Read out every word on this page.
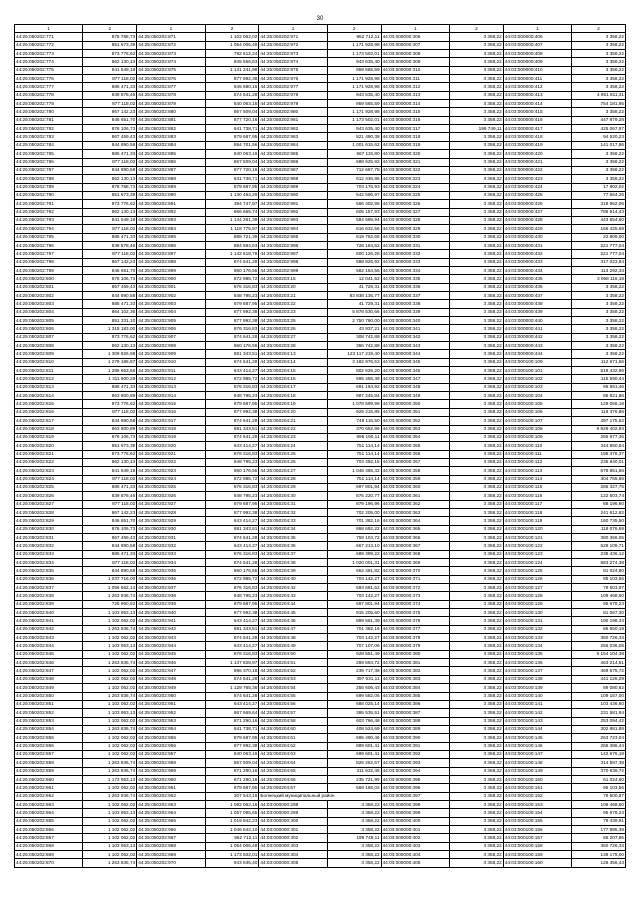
30
1	2	1	2	1	2	1	2	1	2
44:25:050202:771	875 788,73	44:25:050202:871	1 102 062,02	44:25:050202:971	962 712,11	44:03:000000:306	3 358,22	44:03:000000:406	3 358,22
44:25:050202:772	851 673,39	44:25:050202:872	1 054 006,48	44:25:050202:972	1 171 928,98	44:03:000000:307	3 358,22	44:03:000000:407	3 358,22
44:25:050202:773	873 776,62	44:25:050202:873	792 612,24	44:25:050202:973	1 173 502,01	44:03:000000:308	3 358,22	44:03:000000:408	3 358,22
44:25:050202:774	862 130,13	44:25:050202:874	845 556,63	44:25:050202:974	943 635,40	44:03:000000:309	3 358,22	44:03:000000:409	3 358,22
44:25:050202:775	841 549,18	44:25:050202:875	1 131 241,98	44:25:050202:975	959 565,59	44:03:000000:310	3 358,22	44:03:000000:410	3 358,22
44:25:050202:776	877 118,02	44:25:050202:876	877 992,38	44:25:050202:976	1 171 928,98	44:03:000000:311	3 358,22	44:03:000000:411	3 358,22
44:25:050202:777	885 471,33	44:25:050202:877	845 680,16	44:25:050202:977	1 171 928,98	44:03:000000:312	3 358,22	44:03:000000:412	3 358,22
44:25:050202:778	839 878,46	44:25:050202:878	874 641,28	44:25:050202:978	943 635,40	44:03:000000:313	3 358,22	44:03:000000:413	4 861 811,31
44:25:050202:779	877 118,02	44:25:050202:879	840 063,16	44:25:050202:979	959 565,59	44:03:000000:314	3 358,22	44:03:000000:414	754 181,95
44:25:050202:780	867 142,23	44:25:050202:880	867 509,04	44:25:050202:980	1 171 928,98	44:03:000000:315	3 358,22	44:03:000000:415	3 358,22
44:25:050202:781	846 651,70	44:25:050202:881	877 720,16	44:25:050202:981	1 173 502,01	44:03:000000:316	3 358,22	44:03:000000:416	447 879,28
44:25:050202:782	876 106,73	44:25:050202:882	641 738,71	44:25:050202:982	943 635,40	44:03:000000:317	199 749,11	44:03:000000:417	425 067,97
44:25:050202:783	867 459,43	44:25:050202:883	879 687,95	44:25:050202:983	821 490,38	44:03:000000:318	3 358,22	44:03:000000:418	94 520,23
44:25:050202:784	844 890,58	44:25:050202:884	884 701,56	44:25:050202:984	1 001 615,62	44:03:000000:319	3 358,22	44:03:000000:419	141 017,86
44:25:050202:785	885 471,33	44:25:050202:885	840 063,16	44:25:050202:985	667 115,80	44:03:000000:320	3 358,22	44:03:000000:420	3 358,22
44:25:050202:786	877 118,02	44:25:050202:886	867 509,04	44:25:050202:986	688 625,92	44:03:000000:321	3 358,22	44:03:000000:421	3 358,22
44:25:050202:787	844 890,58	44:25:050202:887	877 720,16	44:25:050202:987	712 667,78	44:03:000000:322	3 358,22	44:03:000000:422	3 358,22
44:25:050202:788	862 130,13	44:25:050202:888	641 738,71	44:25:050202:988	612 436,85	44:03:000000:323	3 358,22	44:03:000000:423	3 358,22
44:25:050202:789	878 788,73	44:25:050202:889	879 687,95	44:25:050202:989	703 176,93	44:03:000000:324	3 358,22	44:03:000000:424	17 802,02
44:25:050202:790	851 673,39	44:25:050202:890	1 130 464,29	44:25:050202:990	542 596,97	44:03:000000:325	3 358,22	44:03:000000:425	77 664,26
44:25:050202:791	873 776,62	44:25:050202:891	394 747,97	44:25:050202:991	566 402,95	44:03:000000:326	3 358,22	44:03:000000:426	318 952,06
44:25:050202:792	862 130,13	44:25:050202:892	866 665,74	44:25:050202:992	605 157,93	44:03:000000:327	3 358,22	44:03:000000:427	786 914,43
44:25:050202:793	841 549,18	44:25:050202:893	1 144 261,39	44:25:050202:993	584 595,94	44:03:000000:328	3 358,22	44:03:000000:428	443 554,60
44:25:050202:794	877 118,02	44:25:050202:894	1 118 775,97	44:25:050202:994	616 632,56	44:03:000000:329	3 358,22	44:03:000000:429	166 425,69
44:25:050202:795	885 471,33	44:25:050202:895	889 721,39	44:25:050202:995	619 762,65	44:03:000000:330	3 358,22	44:03:000000:430	22 809,00
44:25:050202:796	839 878,46	44:25:050202:896	884 694,63	44:25:050202:996	728 184,52	44:03:000000:331	3 358,22	44:03:000000:431	221 777,04
44:25:050202:797	877 118,02	44:25:050202:897	1 142 618,78	44:25:050202:997	600 126,28	44:03:000000:332	3 358,22	44:03:000000:432	221 777,04
44:25:050202:798	867 142,23	44:25:050202:898	874 641,28	44:25:050202:998	588 826,92	44:03:000000:333	3 358,22	44:03:000000:433	317 023,94
44:25:050202:799	846 651,70	44:25:050202:899	860 176,55	44:25:050202:999	582 164,56	44:03:000000:334	3 358,22	44:03:000000:434	113 292,34
44:25:050202:800	876 106,73	44:25:050202:900	872 985,72	44:25:050203:15	12 041,52	44:03:000000:335	3 358,22	44:03:000000:435	3 068 116,18
44:25:050202:801	867 459,43	44:25:050202:901	876 316,83	44:25:050203:20	41 729,31	44:03:000000:336	3 358,22	44:03:000000:436	3 358,22
44:25:050202:802	844 890,58	44:25:050202:902	848 795,23	44:25:050203:21	83 838 136,77	44:03:000000:337	3 358,22	44:03:000000:437	3 358,22
44:25:050202:803	885 471,33	44:25:050202:903	879 687,95	44:25:050203:22	41 729,31	44:03:000000:338	3 358,22	44:03:000000:438	3 358,22
44:25:050202:804	864 102,36	44:25:050202:904	877 992,38	44:25:050203:23	5 878 530,66	44:03:000000:339	3 358,22	44:03:000000:439	3 358,22
44:25:050202:805	851 331,10	44:25:050202:905	877 992,38	44:25:050203:25	2 750 790,00	44:03:000000:340	3 358,22	44:03:000000:440	3 358,22
44:25:050202:806	1 315 183,00	44:25:050202:906	876 316,83	44:25:050203:26	43 937,21	44:03:000000:341	3 358,22	44:03:000000:441	3 358,22
44:25:050202:807	873 776,62	44:25:050202:907	874 641,28	44:25:050203:27	308 742,88	44:03:000000:342	3 358,22	44:03:000000:442	3 358,22
44:25:050202:808	862 130,13	44:25:050202:908	860 176,55	44:25:050203:28	366 742,88	44:03:000000:343	3 358,22	44:03:000000:443	3 358,22
44:25:050202:809	1 309 826,98	44:25:050202:909	881 343,51	44:25:050204:13	123 117 219,40	44:03:000000:344	3 358,22	44:03:000000:444	3 358,22
44:25:050202:810	1 279 186,87	44:25:050202:910	874 641,28	44:25:050204:14	3 182 976,53	44:03:000000:345	3 358,22	44:03:000100:109	112 671,66
44:25:050202:811	1 286 663,66	44:25:050202:911	643 414,27	44:25:050204:15	802 625,20	44:03:000000:346	3 358,22	44:03:000100:101	518 432,96
44:25:050202:812	1 311 600,28	44:25:050202:912	872 985,72	44:25:050204:16	595 455,39	44:03:000000:347	3 358,22	44:03:000100:102	115 590,44
44:25:050202:813	885 471,33	44:25:050202:913	876 316,83	44:25:050204:17	691 184,92	44:03:000000:348	3 358,22	44:03:000100:103	96 551,46
44:25:050202:814	863 800,89	44:25:050202:914	848 795,23	44:25:050204:18	987 245,84	44:03:000000:349	3 358,22	44:03:000100:104	85 821,86
44:25:050202:815	873 776,62	44:25:050202:915	879 687,95	44:25:050204:19	1 078 699,99	44:03:000000:350	3 358,22	44:03:000100:105	129 066,18
44:25:050202:816	877 118,02	44:25:050202:916	877 992,38	44:25:050204:20	929 215,85	44:03:000000:351	3 358,22	44:03:000100:106	118 376,86
44:25:050202:817	844 890,58	44:25:050202:917	874 641,28	44:25:050204:21	749 116,50	44:03:000000:352	3 358,22	44:03:000100:107	497 175,62
44:25:050202:818	863 800,89	44:25:050202:918	881 343,51	44:25:050204:22	370 652,96	44:03:000000:353	3 358,22	44:03:000100:108	9 929 402,93
44:25:050202:819	876 106,73	44:25:050202:919	874 641,28	44:25:050204:23	695 190,11	44:03:000000:354	3 358,22	44:03:000100:109	255 977,36
44:25:050202:820	851 673,39	44:25:050202:920	643 414,27	44:25:050204:24	751 114,14	44:03:000000:355	3 358,22	44:03:000100:110	344 850,64
44:25:050202:821	873 776,62	44:25:050202:921	876 316,83	44:25:050204:25	751 114,14	44:03:000000:356	3 358,22	44:03:000100:111	195 376,37
44:25:050202:822	862 130,13	44:25:050202:922	848 795,23	44:25:050204:26	703 492,15	44:03:000000:357	3 358,22	44:03:000100:112	236 840,01
44:25:050202:823	841 549,18	44:25:050202:923	860 176,55	44:25:050204:27	1 048 455,32	44:03:000000:358	3 358,22	44:03:000100:113	678 851,56
44:25:050202:824	877 118,02	44:25:050202:924	872 985,72	44:25:050204:28	761 114,14	44:03:000000:359	3 358,22	44:03:000100:114	404 765,66
44:25:050202:825	885 471,33	44:25:050202:925	876 316,83	44:25:050204:29	697 801,94	44:03:000000:360	3 358,22	44:03:000100:115	286 327,75
44:25:050202:826	839 878,46	44:25:050202:926	848 795,23	44:25:050204:30	876 220,77	44:03:000000:361	3 358,22	44:03:000100:116	122 503,74
44:25:050202:827	877 118,02	44:25:050202:927	879 687,95	44:25:050204:31	879 196,96	44:03:000000:362	3 358,22	44:03:000100:117	88 196,60
44:25:050202:828	867 142,23	44:25:050202:928	877 992,38	44:25:050204:32	702 205,00	44:03:000000:363	3 358,22	44:03:000100:118	241 612,82
44:25:050202:829	846 651,70	44:25:050202:929	643 414,27	44:25:050204:33	701 382,16	44:03:000000:364	3 358,22	44:03:000100:119	160 735,50
44:25:050202:830	876 106,73	44:25:050202:930	881 343,51	44:25:050204:34	868 692,22	44:03:000000:365	3 358,22	44:03:000100:120	118 076,69
44:25:050202:831	867 459,43	44:25:050202:931	874 641,28	44:25:050204:35	759 104,72	44:03:000000:366	3 358,22	44:03:000100:121	380 366,05
44:25:050202:832	844 890,58	44:25:050202:932	643 414,27	44:25:050204:36	667 213,10	44:03:000000:367	3 358,22	44:03:000100:122	529 109,71
44:25:050202:833	885 471,33	44:25:050202:933	876 316,83	44:25:050204:37	689 399,22	44:03:000000:368	3 358,22	44:03:000100:123	238 436,12
44:25:050202:834	877 118,02	44:25:050202:934	874 641,28	44:25:050204:38	1 020 001,31	44:03:000000:369	3 358,22	44:03:000100:124	583 274,38
44:25:050202:835	844 890,58	44:25:050202:935	860 176,55	44:25:050204:39	662 481,82	44:03:000000:370	3 358,22	44:03:000100:125	81 024,80
44:25:050202:836	1 037 716,00	44:25:050202:936	872 985,72	44:25:050204:40	703 142,27	44:03:000000:371	3 358,22	44:03:000100:126	95 103,56
44:25:050202:837	1 056 662,14	44:25:050202:937	876 316,83	44:25:050204:42	693 681,52	44:03:000000:372	3 358,22	44:03:000100:127	79 503,97
44:25:050202:838	1 263 836,74	44:25:050202:938	848 795,23	44:25:050204:43	703 142,27	44:03:000000:373	3 358,22	44:03:000100:128	109 468,60
44:25:050202:839	725 960,52	44:25:050202:939	879 687,95	44:25:050204:44	697 801,94	44:03:000000:374	3 358,22	44:03:000100:129	95 678,23
44:25:050202:840	1 103 953,13	44:25:050202:940	877 992,38	44:25:050204:45	915 205,60	44:03:000000:375	3 358,22	44:03:000100:130	81 067,30
44:25:050202:841	1 102 062,02	44:25:050202:941	643 414,27	44:25:050204:46	889 561,39	44:03:000000:376	3 358,22	44:03:000100:131	190 198,33
44:25:050202:842	1 263 836,74	44:25:050202:942	881 343,51	44:25:050204:47	701 382,16	44:03:000000:377	3 358,22	44:03:000100:132	86 550,19
44:25:050202:843	1 102 062,02	44:25:050202:943	874 641,28	44:25:050204:48	703 142,27	44:03:000000:378	3 358,22	44:03:000100:133	360 726,33
44:25:050202:844	1 103 953,13	44:25:050202:944	643 414,27	44:25:050204:49	707 107,06	44:03:000000:379	3 358,22	44:03:000100:134	256 036,05
44:25:050202:845	1 102 062,02	44:25:050202:945	876 316,83	44:25:050204:50	928 551,49	44:03:000000:380	3 358,22	44:03:000100:135	5 154 104,38
44:25:050202:846	1 263 836,74	44:25:050202:946	1 137 828,97	44:25:050204:51	289 693,72	44:03:000000:381	3 358,22	44:03:000100:136	463 214,61
44:25:050202:847	1 102 062,02	44:25:050202:947	886 370,18	44:25:050204:52	239 717,38	44:03:000000:382	3 358,22	44:03:000100:137	469 575,72
44:25:050202:848	1 102 062,02	44:25:050202:948	874 641,28	44:25:050204:53	397 631,11	44:03:000000:383	3 358,22	44:03:000100:138	441 126,29
44:25:050202:849	1 102 062,02	44:25:050202:949	1 129 765,36	44:25:050204:54	255 606,43	44:03:000000:384	3 358,22	44:03:000100:139	89 080,62
44:25:050202:850	1 263 836,74	44:25:050202:950	874 641,28	44:25:050204:55	699 582,06	44:03:000000:385	3 358,22	44:03:000100:140	109 157,00
44:25:050202:851	1 102 062,02	44:25:050202:951	643 414,27	44:25:050204:56	688 025,14	44:03:000000:386	3 358,22	44:03:000100:141	103 436,60
44:25:050202:852	1 103 953,13	44:25:050202:952	867 669,64	44:25:050204:57	395 535,51	44:03:000000:387	3 358,22	44:03:000100:142	231 581,94
44:25:050202:853	1 102 062,02	44:25:050202:953	871 290,16	44:25:050204:58	603 766,48	44:03:000000:388	3 358,22	44:03:000100:143	253 094,42
44:25:050202:854	1 263 836,74	44:25:050202:954	641 738,71	44:25:050204:60	408 524,69	44:03:000000:389	3 358,22	44:03:000100:144	302 881,88
44:25:050202:855	1 102 062,02	44:25:050202:955	879 687,95	44:25:050204:61	695 490,46	44:03:000000:390	3 358,22	44:03:000100:145	263 723,04
44:25:050202:856	1 102 062,02	44:25:050202:956	877 992,38	44:25:050204:62	889 601,41	44:03:000000:391	3 358,22	44:03:000100:146	265 386,44
44:25:050202:857	1 102 062,02	44:25:050202:957	840 063,16	44:25:050204:63	699 601,41	44:03:000000:392	3 358,22	44:03:000100:147	142 676,18
44:25:050202:858	1 263 836,74	44:25:050202:958	867 509,04	44:25:050204:64	826 262,57	44:03:000000:393	3 358,22	44:03:000100:148	314 587,38
44:25:050202:859	1 263 836,74	44:25:050202:959	871 290,16	44:25:050204:65	311 632,45	44:03:000000:394	3 358,22	44:03:000100:149	370 636,72
44:25:050202:860	1 173 953,13	44:25:050202:960	871 290,16	44:25:050204:66	235 721,99	44:03:000000:395	3 358,22	44:03:000100:150	61 024,60
44:25:050202:861	1 102 062,02	44:25:050202:961	879 687,95	44:25:050204:67	569 165,02	44:03:000000:396	3 358,22	44:03:000100:151	95 103,56
44:25:050202:862	1 263 836,74	44:25:050202:962	307 543,16	Болнецкий муниципальный район		44:03:000000:397	3 358,22	44:03:000100:152	79 500,87
44:25:050202:863	1 102 062,02	44:25:050202:963	1 092 062,16	44:03:000000:298	3 358,22	44:03:000000:398	3 358,22	44:03:000100:153	109 468,60
44:25:050202:864	1 103 953,13	44:25:050202:964	1 057 095,65	44:03:000000:299	3 358,22	44:03:000000:399	3 358,22	44:03:000100:154	95 678,23
44:25:050202:865	1 102 062,02	44:25:050202:965	1 019 842,23	44:03:000000:300	3 358,22	44:03:000000:400	3 358,22	44:03:000100:155	78 439,91
44:25:050202:866	1 102 062,02	44:25:050202:966	1 046 642,10	44:03:000000:301	3 358,22	44:03:000000:401	3 358,22	44:03:000100:156	177 985,39
44:25:050202:867	1 102 062,02	44:25:050202:967	962 712,11	44:03:000000:302	199 749,11	44:03:000000:402	3 358,22	44:03:000100:157	86 207,86
44:25:050202:868	1 103 953,13	44:25:050202:968	1 054 006,48	44:03:000000:303	3 358,22	44:03:000000:403	3 358,22	44:03:000100:158	360 726,33
44:25:050202:869	1 102 062,02	44:25:050202:969	1 173 502,01	44:03:000000:304	3 358,22	44:03:000000:404	3 358,22	44:03:000100:159	139 175,00
44:25:050202:870	1 263 836,74	44:25:050202:970	943 635,40	44:03:000000:305	3 358,22	44:03:000000:405	3 358,22	44:03:000100:160	128 356,43
